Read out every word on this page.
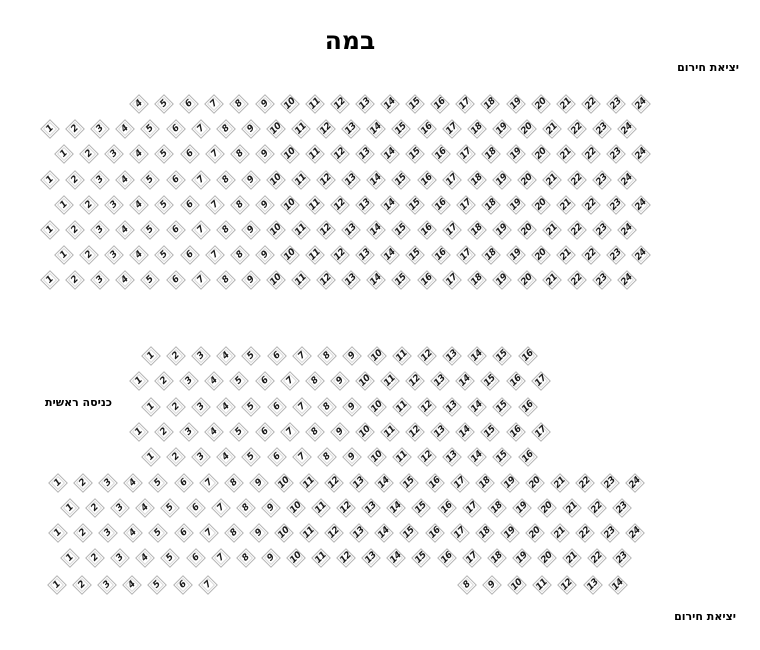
במה
יציאת חירום
כניסה ראשית
יציאת חירום
4 5 6 7 8 9 10 11 12 13 14 15 16 17 18 19 20 21 22 23 24
1 2 3 4 5 6 7 8 9 10 11 12 13 14 15 16 17 18 19 20 21 22 23 24
1 2 3 4 5 6 7 8 9 10 11 12 13 14 15 16 17 18 19 20 21 22 23 24
1 2 3 4 5 6 7 8 9 10 11 12 13 14 15 16 17 18 19 20 21 22 23 24
1 2 3 4 5 6 7 8 9 10 11 12 13 14 15 16 17 18 19 20 21 22 23 24
1 2 3 4 5 6 7 8 9 10 11 12 13 14 15 16 17 18 19 20 21 22 23 24
1 2 3 4 5 6 7 8 9 10 11 12 13 14 15 16 17 18 19 20 21 22 23 24
1 2 3 4 5 6 7 8 9 10 11 12 13 14 15 16 17 18 19 20 21 22 23 24
1 2 3 4 5 6 7 8 9 10 11 12 13 14 15 16
1 2 3 4 5 6 7 8 9 10 11 12 13 14 15 16 17
1 2 3 4 5 6 7 8 9 10 11 12 13 14 15 16
1 2 3 4 5 6 7 8 9 10 11 12 13 14 15 16 17
1 2 3 4 5 6 7 8 9 10 11 12 13 14 15 16
1 2 3 4 5 6 7 8 9 10 11 12 13 14 15 16 17 18 19 20 21 22 23 24
1 2 3 4 5 6 7 8 9 10 11 12 13 14 15 16 17 18 19 20 21 22 23
1 2 3 4 5 6 7 8 9 10 11 12 13 14 15 16 17 18 19 20 21 22 23 24
1 2 3 4 5 6 7 8 9 10 11 12 13 14 15 16 17 18 19 20 21 22 23
1 2 3 4 5 6 7	8 9 10 11 12 13 14
